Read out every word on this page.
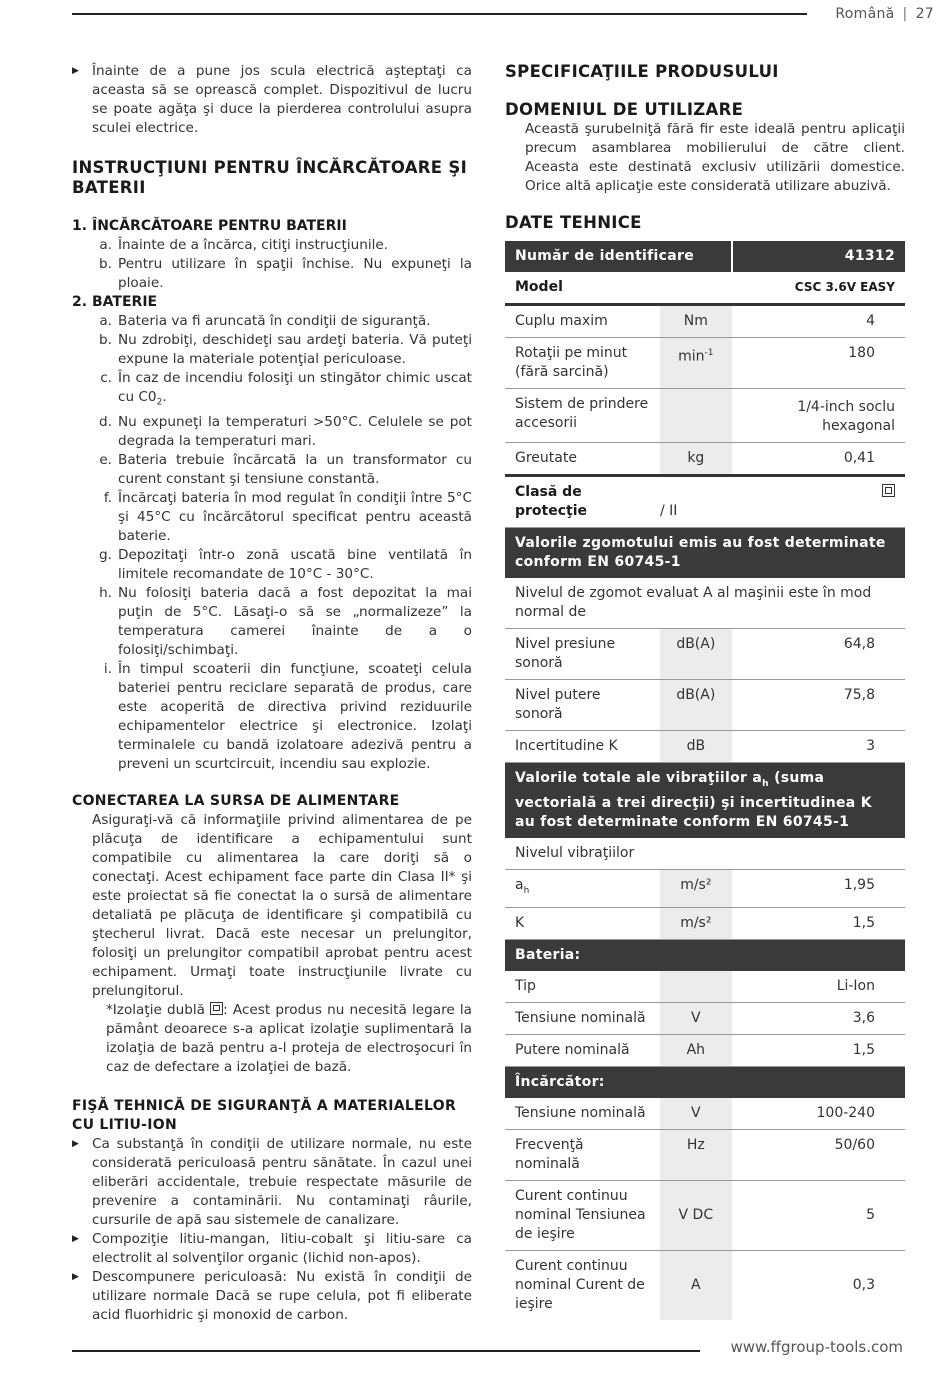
Română | 27
▶ Înainte de a pune jos scula electrică aşteptaţi ca aceasta să se oprească complet. Dispozitivul de lucru se poate agăţa şi duce la pierderea controlului asupra sculei electrice.
INSTRUCŢIUNI PENTRU ÎNCĂRCĂTOARE ŞI BATERII
1. ÎNCĂRCĂTOARE PENTRU BATERII
a. Înainte de a încărca, citiţi instrucţiunile.
b. Pentru utilizare în spaţii închise. Nu expuneţi la ploaie.
2. BATERIE
a. Bateria va fi aruncată în condiţii de siguranţă.
b. Nu zdrobiţi, deschideţi sau ardeţi bateria. Vă puteţi expune la materiale potenţial periculoase.
c. În caz de incendiu folosiţi un stingător chimic uscat cu $C0_2$.
d. Nu expuneţi la temperaturi >50°C. Celulele se pot degrada la temperaturi mari.
e. Bateria trebuie încărcată la un transformator cu curent constant şi tensiune constantă.
f. Încărcaţi bateria în mod regulat în condiţii între 5°C şi 45°C cu încărcătorul specificat pentru această baterie.
g. Depozitaţi într-o zonă uscată bine ventilată în limitele recomandate de 10°C - 30°C.
h. Nu folosiţi bateria dacă a fost depozitat la mai puţin de 5°C. Lăsaţi-o să se „normalizeze” la temperatura camerei înainte de a o folosiţi/schimbaţi.
i. În timpul scoaterii din funcţiune, scoateţi celula bateriei pentru reciclare separată de produs, care este acoperită de directiva privind reziduurile echipamentelor electrice şi electronice. Izolaţi terminalele cu bandă izolatoare adezivă pentru a preveni un scurtcircuit, incendiu sau explozie.
CONECTAREA LA SURSA DE ALIMENTARE
Asiguraţi-vă că informaţiile privind alimentarea de pe plăcuţa de identificare a echipamentului sunt compatibile cu alimentarea la care doriţi să o conectaţi. Acest echipament face parte din Clasa II* şi este proiectat să fie conectat la o sursă de alimentare detaliată pe plăcuţa de identificare şi compatibilă cu ştecherul livrat. Dacă este necesar un prelungitor, folosiţi un prelungitor compatibil aprobat pentru acest echipament. Urmaţi toate instrucţiunile livrate cu prelungitorul.
*Izolaţie dublă : Acest produs nu necesită legare la pământ deoarece s-a aplicat izolaţie suplimentară la izolaţia de bază pentru a-l proteja de electroşocuri în caz de defectare a izolaţiei de bază.
FIŞĂ TEHNICĂ DE SIGURANŢĂ A MATERIALELOR CU LITIU-ION
▶ Ca substanţă în condiţii de utilizare normale, nu este considerată periculoasă pentru sănătate. În cazul unei eliberări accidentale, trebuie respectate măsurile de prevenire a contaminării. Nu contaminaţi râurile, cursurile de apă sau sistemele de canalizare.
▶ Compoziţie litiu-mangan, litiu-cobalt şi litiu-sare ca electrolit al solvenţilor organic (lichid non-apos).
▶ Descompunere periculoasă: Nu există în condiţii de utilizare normale Dacă se rupe celula, pot fi eliberate acid fluorhidric şi monoxid de carbon.
SPECIFICAŢIILE PRODUSULUI
DOMENIUL DE UTILIZARE
Această şurubelniţă fără fir este ideală pentru aplicaţii precum asamblarea mobilierului de către client. Aceasta este destinată exclusiv utilizării domestice. Orice altă aplicaţie este considerată utilizare abuzivă.
DATE TEHNICE
Număr de identificare		41312
Model		CSC 3.6V EASY
Cuplu maxim	Nm	4
Rotaţii pe minut (fără sarcină)	$\min^{-1}$	180
Sistem de prindere accesorii		1/4-inch soclu hexagonal
Greutate	kg	0,41
Clasă de protecţie	/ II	
Valorile zgomotului emis au fost determinate conform EN 60745-1		
Nivelul de zgomot evaluat A al maşinii este în mod normal de		
Nivel presiune sonoră	dB(A)	64,8
Nivel putere sonoră	dB(A)	75,8
Incertitudine K	dB	3
Valorile totale ale vibraţiilor $a_h$ (suma vectorială a trei direcţii) şi incertitudinea K au fost determinate conform EN 60745-1		
Nivelul vibraţiilor		
$a_h$	m/s²	1,95
K	m/s²	1,5
Bateria:		
Tip		Li-Ion
Tensiune nominală	V	3,6
Putere nominală	Ah	1,5
Încărcător:		
Tensiune nominală	V	100-240
Frecvenţă nominală	Hz	50/60
Curent continuu nominal Tensiunea de ieşire	V DC	5
Curent continuu nominal Curent de ieşire	A	0,3
www.ffgroup-tools.com
